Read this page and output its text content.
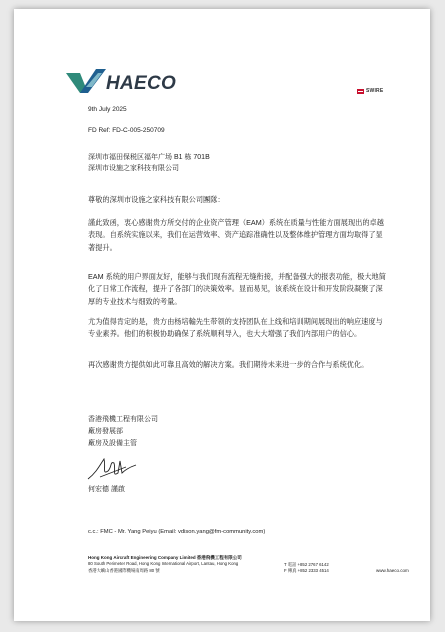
HAECO	SWIRE
9th July 2025
FD Ref: FD-C-005-250709
深圳市福田保税区福年广场 B1 栋 701B
深圳市设施之家科技有限公司
尊敬的深圳市设施之家科技有限公司團隊：

謹此致函，衷心感谢贵方所交付的企业资产管理（EAM）系统在质量与性能方面展现出的卓越表现。自系统实施以来，我们在运营效率、资产追踪准确性以及整体维护管理方面均取得了显著提升。

EAM 系统的用户界面友好，能够与我们现有流程无缝衔接，并配备强大的报表功能，极大地简化了日常工作流程，提升了各部门的决策效率。显而易见，该系统在设计和开发阶段凝聚了深厚的专业技术与细致的考量。

尤为值得肯定的是，贵方由杨培輸先生带领的支持团队在上线和培训期间展现出的响应速度与专业素养。他们的积极协助确保了系统顺利导入，也大大增强了我们内部用户的信心。

再次感谢贵方提供如此可靠且高效的解决方案。我们期待未来进一步的合作与系统优化。

香港飛機工程有限公司
廠房發展部
廠房及設備主管
何宏德 謹啟
c.c.: FMC - Mr. Yang Peiyu (Email: vdison.yang@fm-community.com)
Hong Kong Aircraft Engineering Company Limited 香港飛機工程有限公司
80 South Perimeter Road, Hong Kong International Airport, Lantau, Hong Kong
香港大嶼山香港國際機場南周路 80 號
T 電話 +852 2767 6142
F 傳真 +852 2333 4514	www.haeco.com
